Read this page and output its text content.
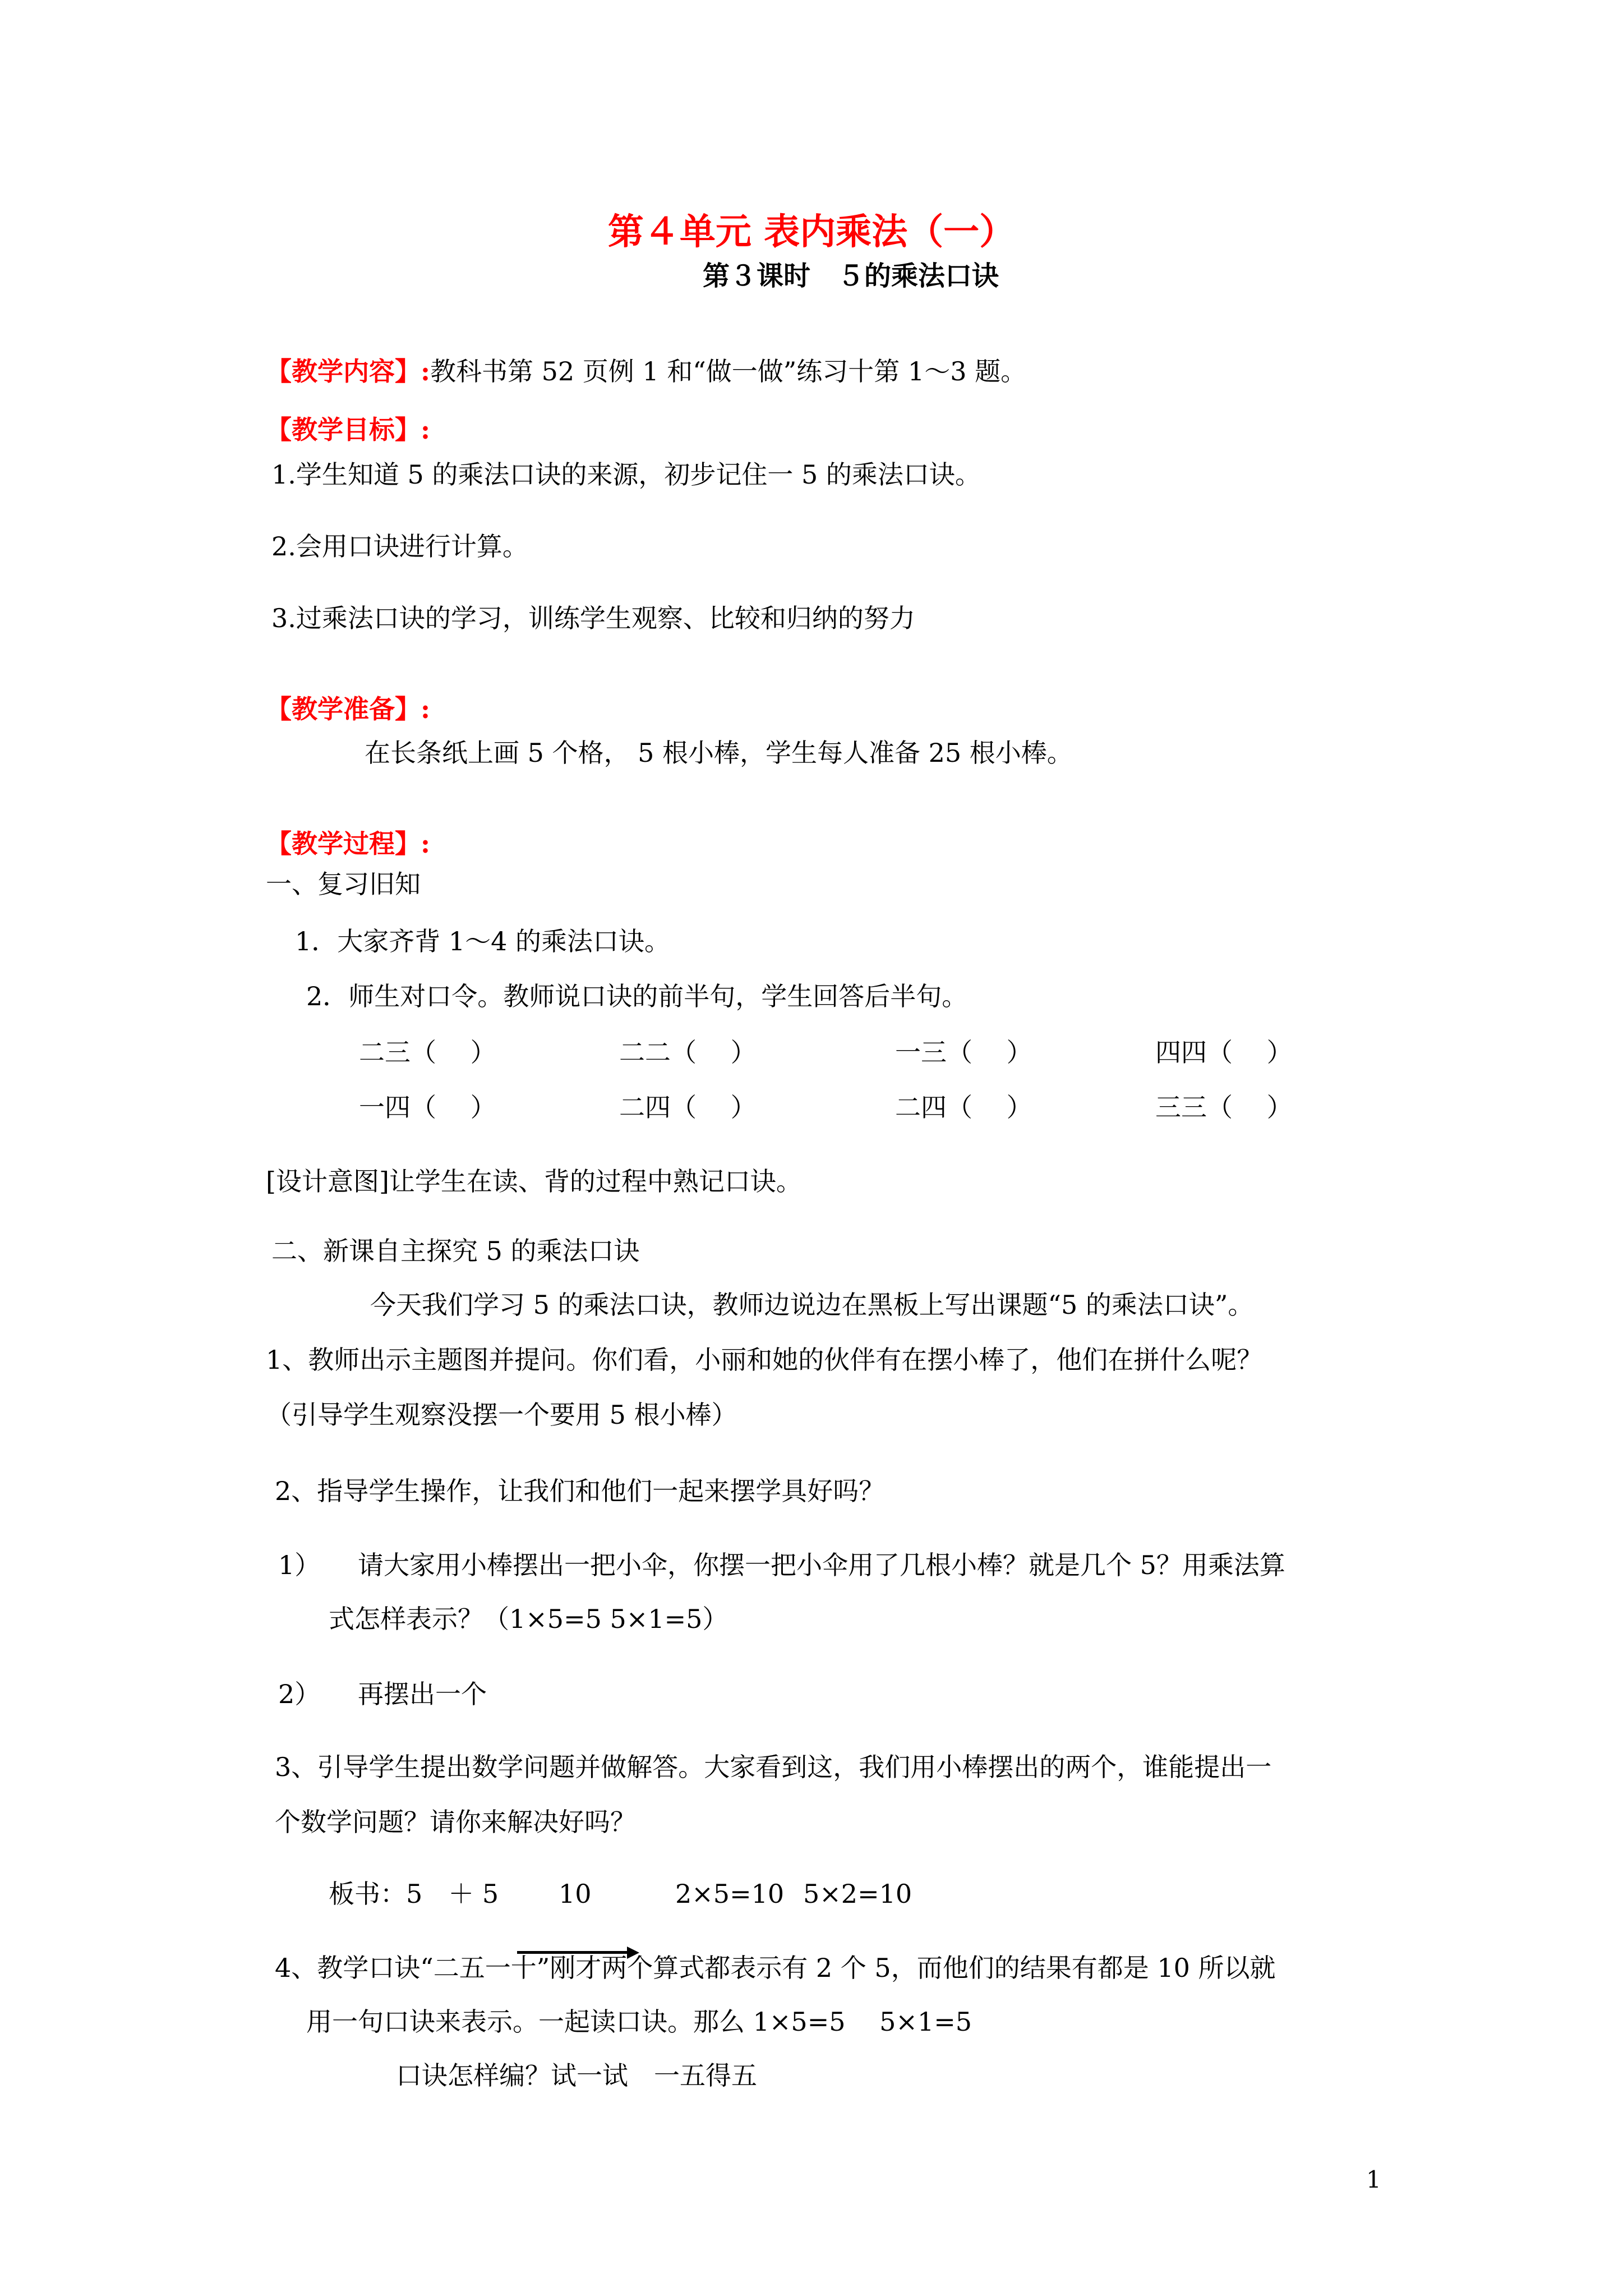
第４单元 表内乘法（一）
第３课时　５的乘法口诀
【教学内容】:教科书第 52 页例 1 和“做一做”练习十第 1～3 题。
【教学目标】:
1.学生知道 5 的乘法口诀的来源，初步记住一 5 的乘法口诀。
2.会用口诀进行计算。
3.过乘法口诀的学习，训练学生观察、比较和归纳的努力
【教学准备】:
在长条纸上画 5 个格， 5 根小棒，学生每人准备 25 根小棒。
【教学过程】:
一、复习旧知
1．大家齐背 1～4 的乘法口诀。
2．师生对口令。教师说口诀的前半句，学生回答后半句。
二三（　 ）	二二（　 ）	一三（　 ）	四四（　 ）
一四（　 ）	二四（　 ）	二四（　 ）	三三（　 ）
[设计意图]让学生在读、背的过程中熟记口诀。
二、新课自主探究 5 的乘法口诀
今天我们学习 5 的乘法口诀，教师边说边在黑板上写出课题“5 的乘法口诀”。
1、教师出示主题图并提问。你们看，小丽和她的伙伴有在摆小棒了，他们在拼什么呢？
（引导学生观察没摆一个要用 5 根小棒）
2、指导学生操作，让我们和他们一起来摆学具好吗？
1） 请大家用小棒摆出一把小伞，你摆一把小伞用了几根小棒？就是几个 5？用乘法算
式怎样表示？（1×5=5 5×1=5）
2） 再摆出一个
3、引导学生提出数学问题并做解答。大家看到这，我们用小棒摆出的两个，谁能提出一
个数学问题？请你来解决好吗？
板书：5　＋ 5 10	2×5=10 5×2=10
4、教学口诀“二五一十”刚才两个算式都表示有 2 个 5，而他们的结果有都是 10 所以就
用一句口诀来表示。一起读口诀。那么 1×5=5　 5×1=5
口诀怎样编？试一试　一五得五
1
